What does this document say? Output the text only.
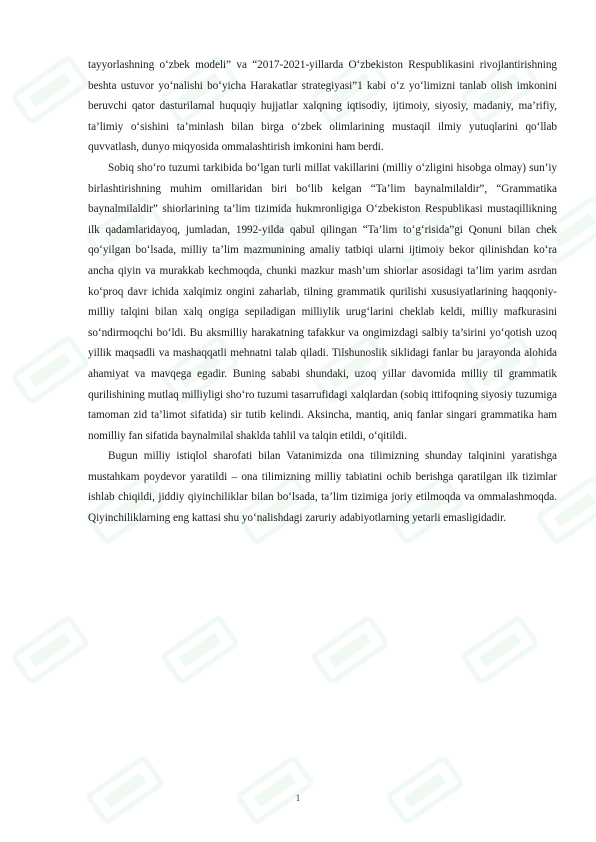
tayyorlashning o‘zbek modeli” va “2017-2021-yillarda O‘zbekiston Respublikasini rivojlantirishning beshta ustuvor yo‘nalishi bo‘yicha Harakatlar strategiyasi”1 kabi o‘z yo‘limizni tanlab olish imkonini beruvchi qator dasturilamal huquqiy hujjatlar xalqning iqtisodiy, ijtimoiy, siyosiy, madaniy, ma’rifiy, ta’limiy o‘sishini ta’minlash bilan birga o‘zbek olimlarining mustaqil ilmiy yutuqlarini qo‘llab quvvatlash, dunyo miqyosida ommalashtirish imkonini ham berdi.

Sobiq sho‘ro tuzumi tarkibida bo‘lgan turli millat vakillarini (milliy o‘zligini hisobga olmay) sun’iy birlashtirishning muhim omillaridan biri bo‘lib kelgan “Ta’lim baynalmilaldir”, “Grammatika baynalmilaldir” shiorlarining ta’lim tizimida hukmronligiga O‘zbekiston Respublikasi mustaqillikning ilk qadamlaridayoq, jumladan, 1992-yilda qabul qilingan “Ta’lim to‘g‘risida”gi Qonuni bilan chek qo‘yilgan bo‘lsada, milliy ta’lim mazmunining amaliy tatbiqi ularni ijtimoiy bekor qilinishdan ko‘ra ancha qiyin va murakkab kechmoqda, chunki mazkur mash’um shiorlar asosidagi ta’lim yarim asrdan ko‘proq davr ichida xalqimiz ongini zaharlab, tilning grammatik qurilishi xususiyatlarining haqqoniy-milliy talqini bilan xalq ongiga sepiladigan milliylik urug‘larini cheklab keldi, milliy mafkurasini so‘ndirmoqchi bo‘ldi. Bu aksmilliy harakatning tafakkur va ongimizdagi salbiy ta’sirini yo‘qotish uzoq yillik maqsadli va mashaqqatli mehnatni talab qiladi. Tilshunoslik siklidagi fanlar bu jarayonda alohida ahamiyat va mavqega egadir. Buning sababi shundaki, uzoq yillar davomida milliy til grammatik qurilishining mutlaq milliyligi sho‘ro tuzumi tasarrufidagi xalqlardan (sobiq ittifoqning siyosiy tuzumiga tamoman zid ta’limot sifatida) sir tutib kelindi. Aksincha, mantiq, aniq fanlar singari grammatika ham nomilliy fan sifatida baynalmilal shaklda tahlil va talqin etildi, o‘qitildi.

Bugun milliy istiqlol sharofati bilan Vatanimizda ona tilimizning shunday talqinini yaratishga mustahkam poydevor yaratildi – ona tilimizning milliy tabiatini ochib berishga qaratilgan ilk tizimlar ishlab chiqildi, jiddiy qiyinchiliklar bilan bo‘lsada, ta’lim tizimiga joriy etilmoqda va ommalashmoqda. Qiyinchiliklarning eng kattasi shu yo‘nalishdagi zaruriy adabiyotlarning yetarli emasligidadir.

1
